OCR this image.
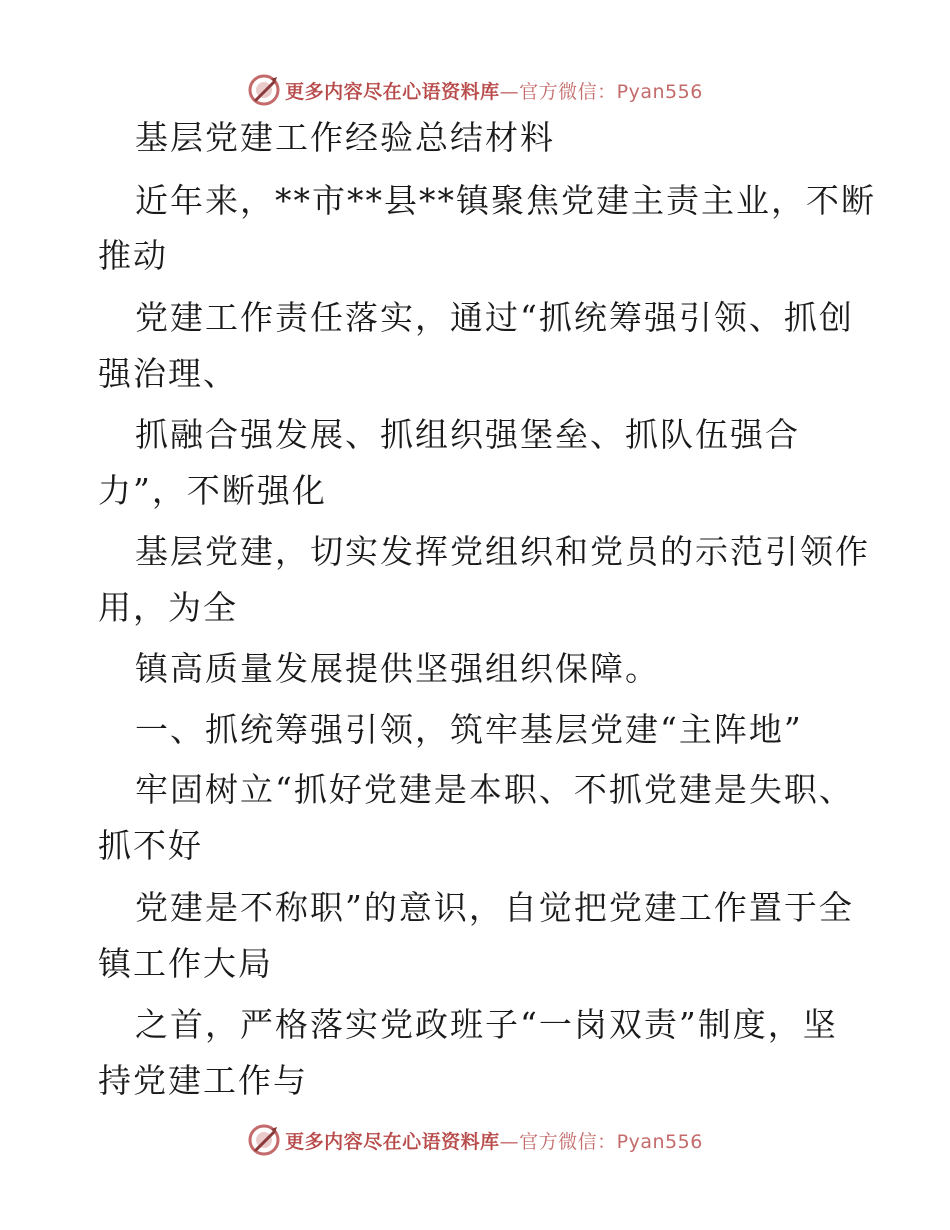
更多内容尽在心语资料库—官方微信：Pyan556
基层党建工作经验总结材料
近年来，**市**县**镇聚焦党建主责主业，不断
推动
党建工作责任落实，通过“抓统筹强引领、抓创
强治理、
抓融合强发展、抓组织强堡垒、抓队伍强合
力”，不断强化
基层党建，切实发挥党组织和党员的示范引领作
用，为全
镇高质量发展提供坚强组织保障。
一、抓统筹强引领，筑牢基层党建“主阵地”
牢固树立“抓好党建是本职、不抓党建是失职、
抓不好
党建是不称职”的意识，自觉把党建工作置于全
镇工作大局
之首，严格落实党政班子“一岗双责”制度，坚
持党建工作与
更多内容尽在心语资料库—官方微信：Pyan556
